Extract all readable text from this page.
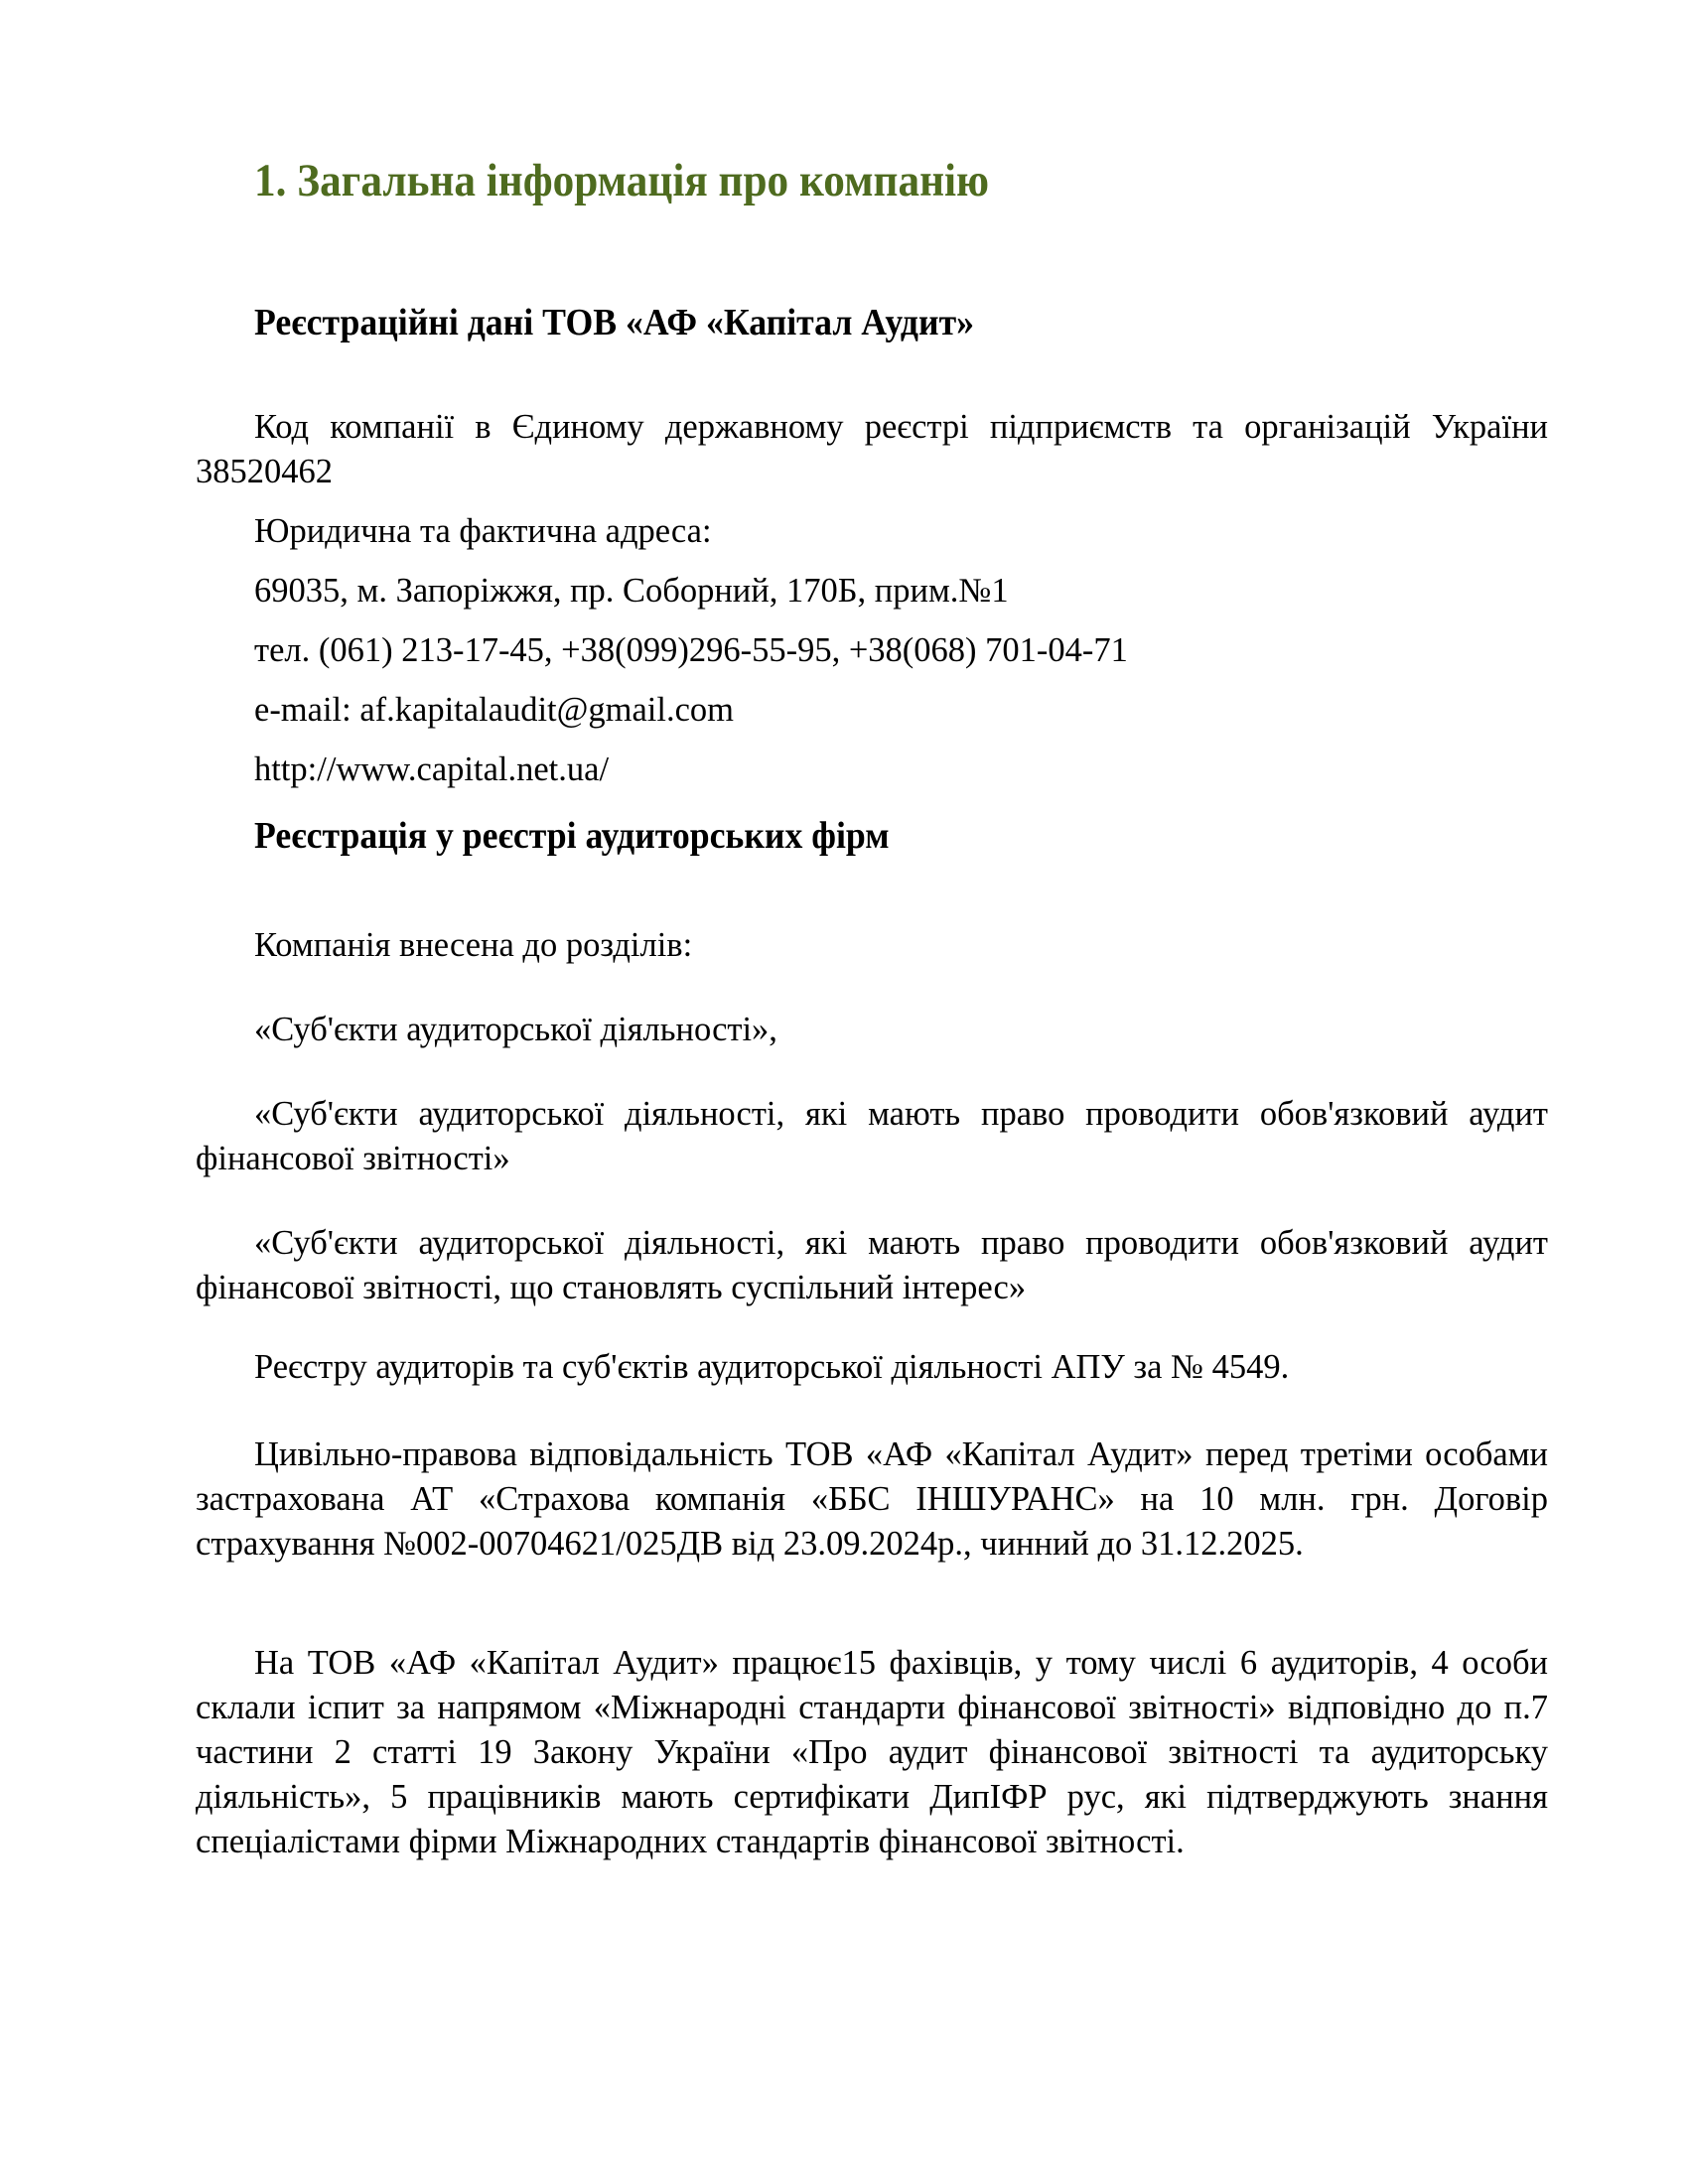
1. Загальна інформація про компанію
Реєстраційні дані ТОВ «АФ «Капітал Аудит»

Код компанії в Єдиному державному реєстрі підприємств та організацій України 38520462

Юридична та фактична адреса:

69035, м. Запоріжжя, пр. Соборний, 170Б, прим.№1

тел. (061) 213-17-45, +38(099)296-55-95, +38(068) 701-04-71

e-mail: af.kapitalaudit@gmail.com

http://www.capital.net.ua/

Реєстрація у реєстрі аудиторських фірм

Компанія внесена до розділів:

«Суб'єкти аудиторської діяльності»,

«Суб'єкти аудиторської діяльності, які мають право проводити обов'язковий аудит фінансової звітності»

«Суб'єкти аудиторської діяльності, які мають право проводити обов'язковий аудит фінансової звітності, що становлять суспільний інтерес»

Реєстру аудиторів та суб'єктів аудиторської діяльності АПУ за № 4549.

Цивільно-правова відповідальність ТОВ «АФ «Капітал Аудит» перед третіми особами застрахована АТ «Страхова компанія «ББС ІНШУРАНС» на 10 млн. грн. Договір страхування №002-00704621/025ДВ від 23.09.2024р., чинний до 31.12.2025.

На ТОВ «АФ «Капітал Аудит» працює15 фахівців, у тому числі 6 аудиторів, 4 особи склали іспит за напрямом «Міжнародні стандарти фінансової звітності» відповідно до п.7 частини 2 статті 19 Закону України «Про аудит фінансової звітності та аудиторську діяльність», 5 працівників мають сертифікати ДипІФР рус, які підтверджують знання спеціалістами фірми Міжнародних стандартів фінансової звітності.
